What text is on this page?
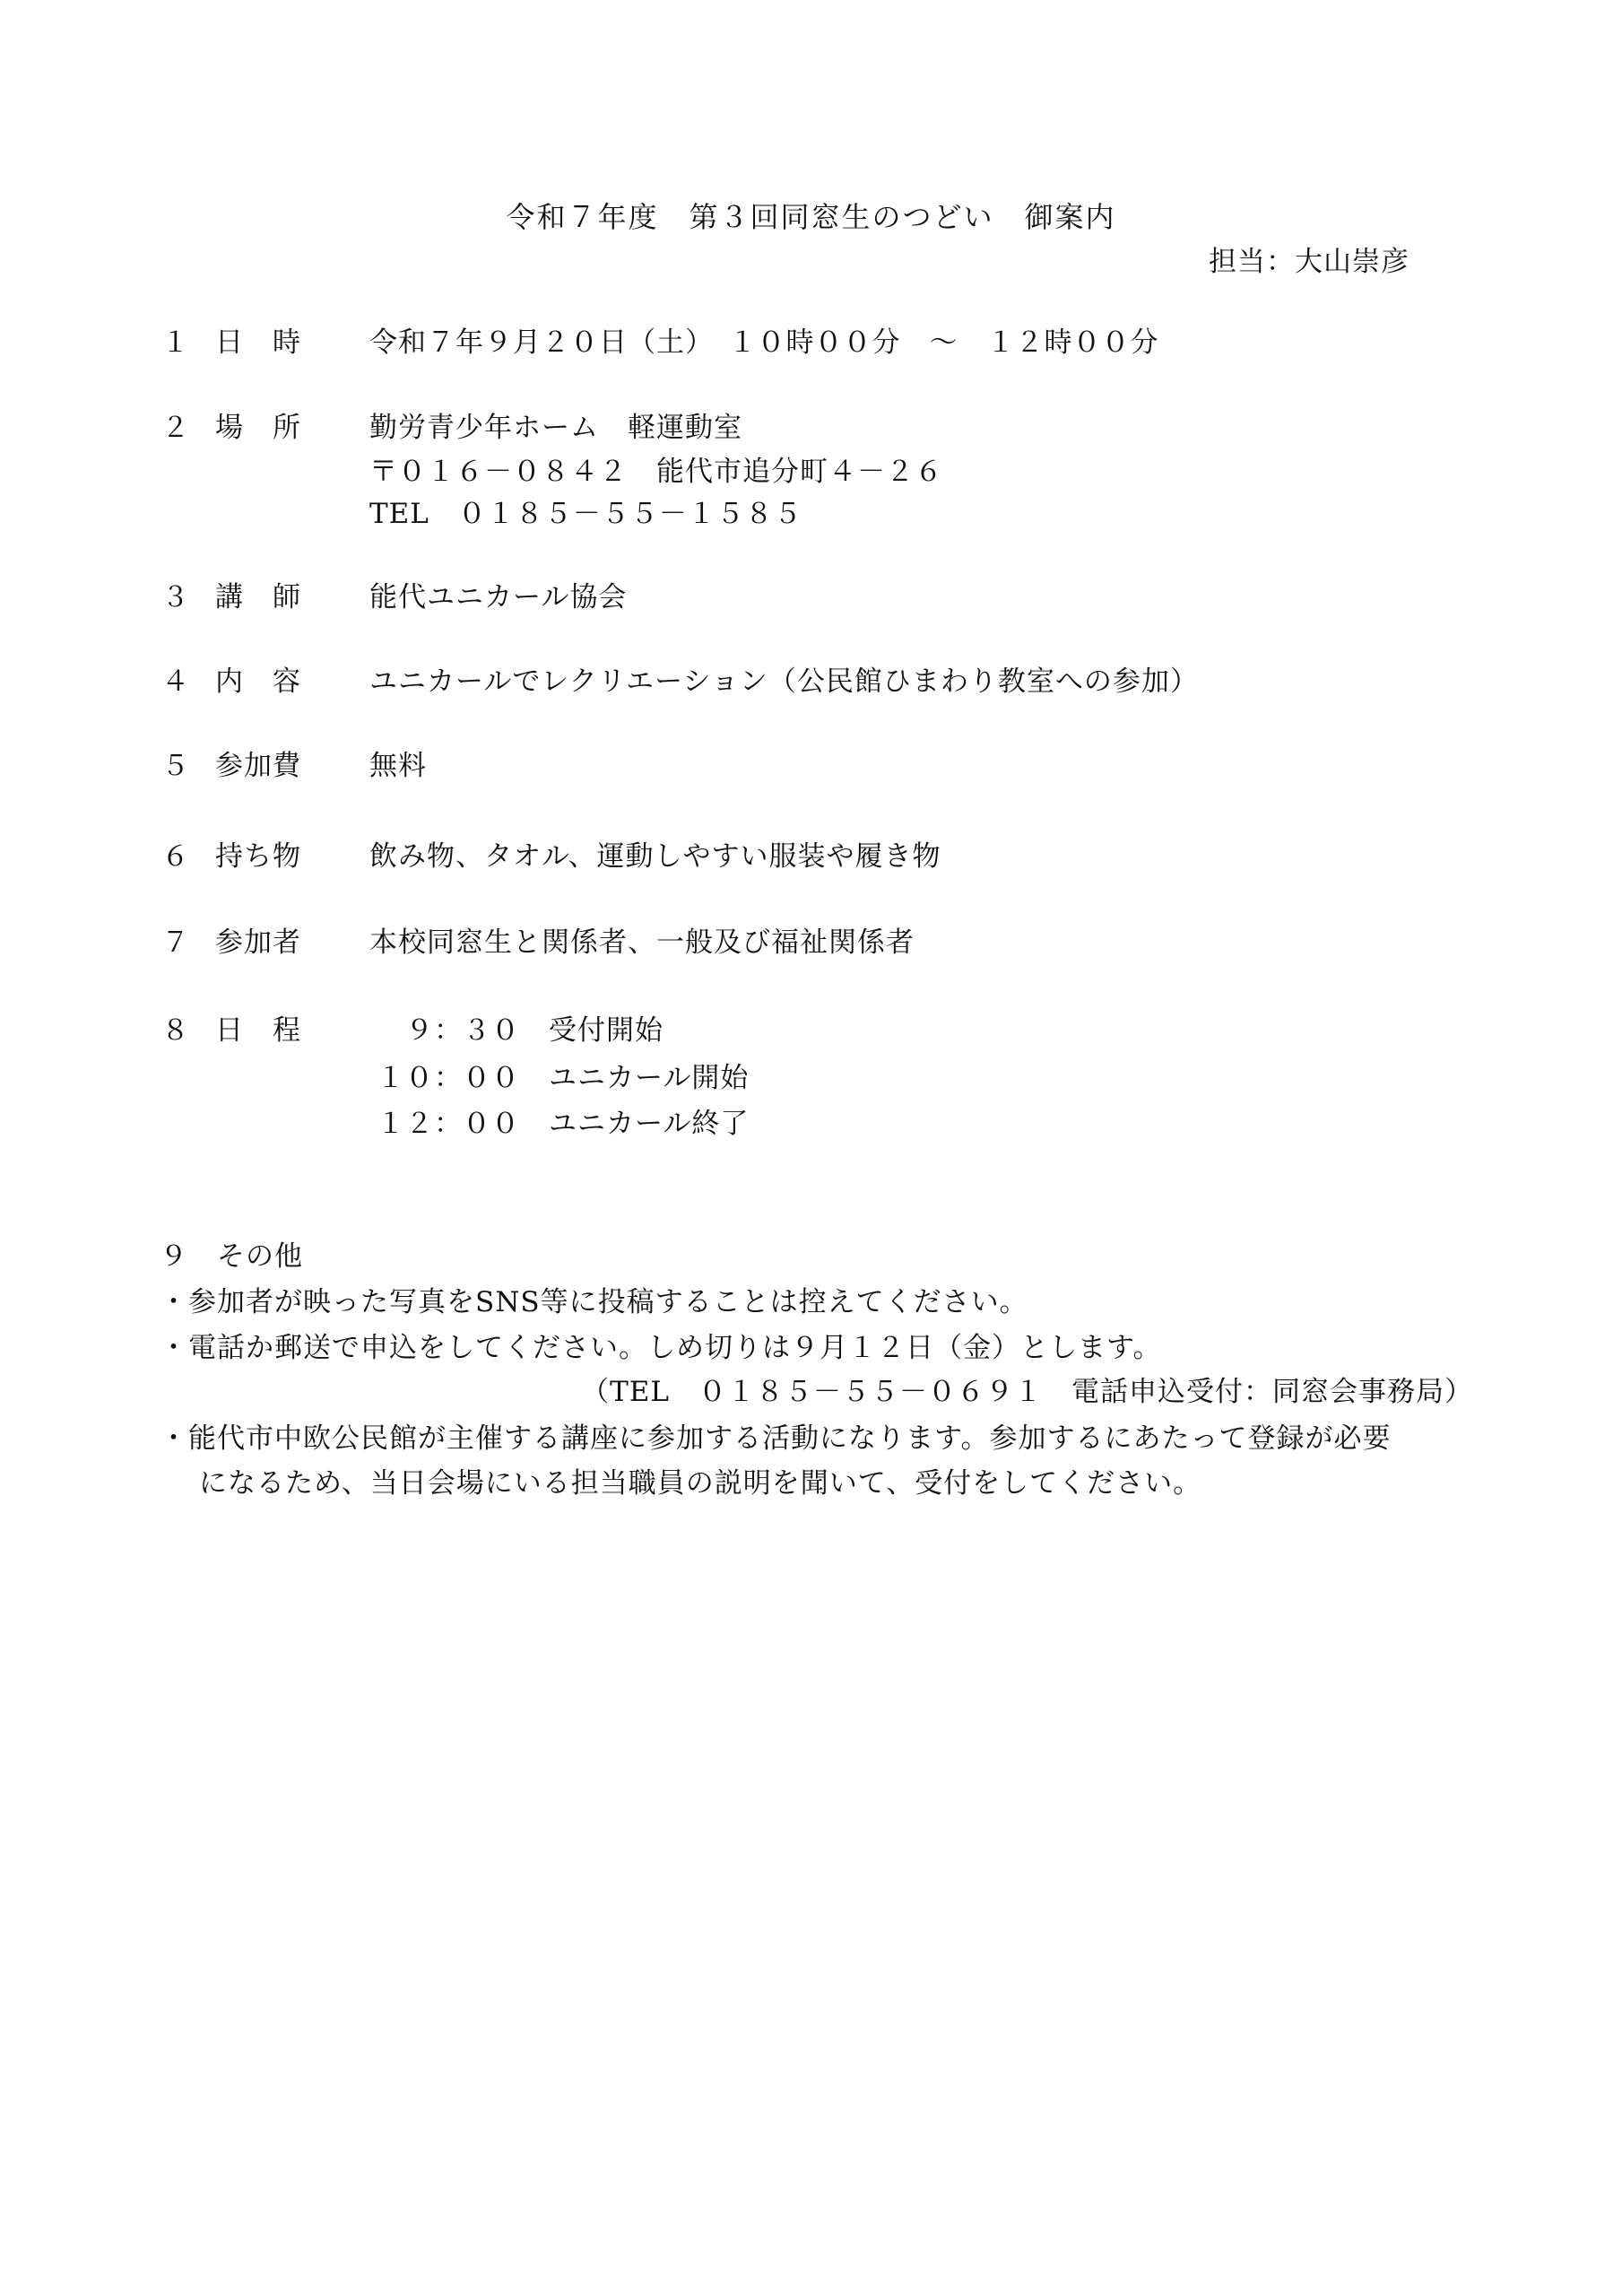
令和７年度　第３回同窓生のつどい　御案内
担当：大山崇彦
１ 日　時 令和７年９月２０日（土）　１０時００分　～　１２時００分
２ 場　所 勤労青少年ホーム　軽運動室
〒０１６－０８４２　能代市追分町４－２６
TEL　０１８５－５５－１５８５
３ 講　師 能代ユニカール協会
４ 内　容 ユニカールでレクリエーション（公民館ひまわり教室への参加）
５ 参加費 無料
６ 持ち物 飲み物、タオル、運動しやすい服装や履き物
７ 参加者 本校同窓生と関係者、一般及び福祉関係者
８ 日　程	９：３０ 受付開始
１０：００ ユニカール開始
１２：００ ユニカール終了
９　その他
・参加者が映った写真をSNS等に投稿することは控えてください。
・電話か郵送で申込をしてください。しめ切りは９月１２日（金）とします。
（TEL　０１８５－５５－０６９１　電話申込受付：同窓会事務局）
・能代市中欧公民館が主催する講座に参加する活動になります。参加するにあたって登録が必要
になるため、当日会場にいる担当職員の説明を聞いて、受付をしてください。
